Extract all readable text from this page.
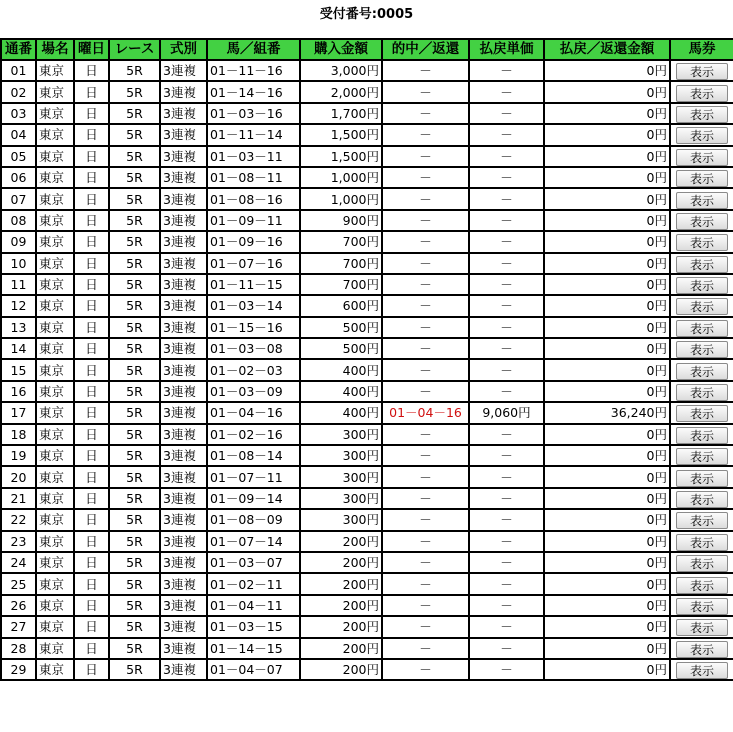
受付番号:0005
通番	場名	曜日	レース	式別	馬／組番	購入金額	的中／返還	払戻単価	払戻／返還金額	馬券
01	東京	日	5R	3連複	01－11－16	3,000円	－	－	0円	表示
02	東京	日	5R	3連複	01－14－16	2,000円	－	－	0円	表示
03	東京	日	5R	3連複	01－03－16	1,700円	－	－	0円	表示
04	東京	日	5R	3連複	01－11－14	1,500円	－	－	0円	表示
05	東京	日	5R	3連複	01－03－11	1,500円	－	－	0円	表示
06	東京	日	5R	3連複	01－08－11	1,000円	－	－	0円	表示
07	東京	日	5R	3連複	01－08－16	1,000円	－	－	0円	表示
08	東京	日	5R	3連複	01－09－11	900円	－	－	0円	表示
09	東京	日	5R	3連複	01－09－16	700円	－	－	0円	表示
10	東京	日	5R	3連複	01－07－16	700円	－	－	0円	表示
11	東京	日	5R	3連複	01－11－15	700円	－	－	0円	表示
12	東京	日	5R	3連複	01－03－14	600円	－	－	0円	表示
13	東京	日	5R	3連複	01－15－16	500円	－	－	0円	表示
14	東京	日	5R	3連複	01－03－08	500円	－	－	0円	表示
15	東京	日	5R	3連複	01－02－03	400円	－	－	0円	表示
16	東京	日	5R	3連複	01－03－09	400円	－	－	0円	表示
17	東京	日	5R	3連複	01－04－16	400円	01－04－16	9,060円	36,240円	表示
18	東京	日	5R	3連複	01－02－16	300円	－	－	0円	表示
19	東京	日	5R	3連複	01－08－14	300円	－	－	0円	表示
20	東京	日	5R	3連複	01－07－11	300円	－	－	0円	表示
21	東京	日	5R	3連複	01－09－14	300円	－	－	0円	表示
22	東京	日	5R	3連複	01－08－09	300円	－	－	0円	表示
23	東京	日	5R	3連複	01－07－14	200円	－	－	0円	表示
24	東京	日	5R	3連複	01－03－07	200円	－	－	0円	表示
25	東京	日	5R	3連複	01－02－11	200円	－	－	0円	表示
26	東京	日	5R	3連複	01－04－11	200円	－	－	0円	表示
27	東京	日	5R	3連複	01－03－15	200円	－	－	0円	表示
28	東京	日	5R	3連複	01－14－15	200円	－	－	0円	表示
29	東京	日	5R	3連複	01－04－07	200円	－	－	0円	表示
